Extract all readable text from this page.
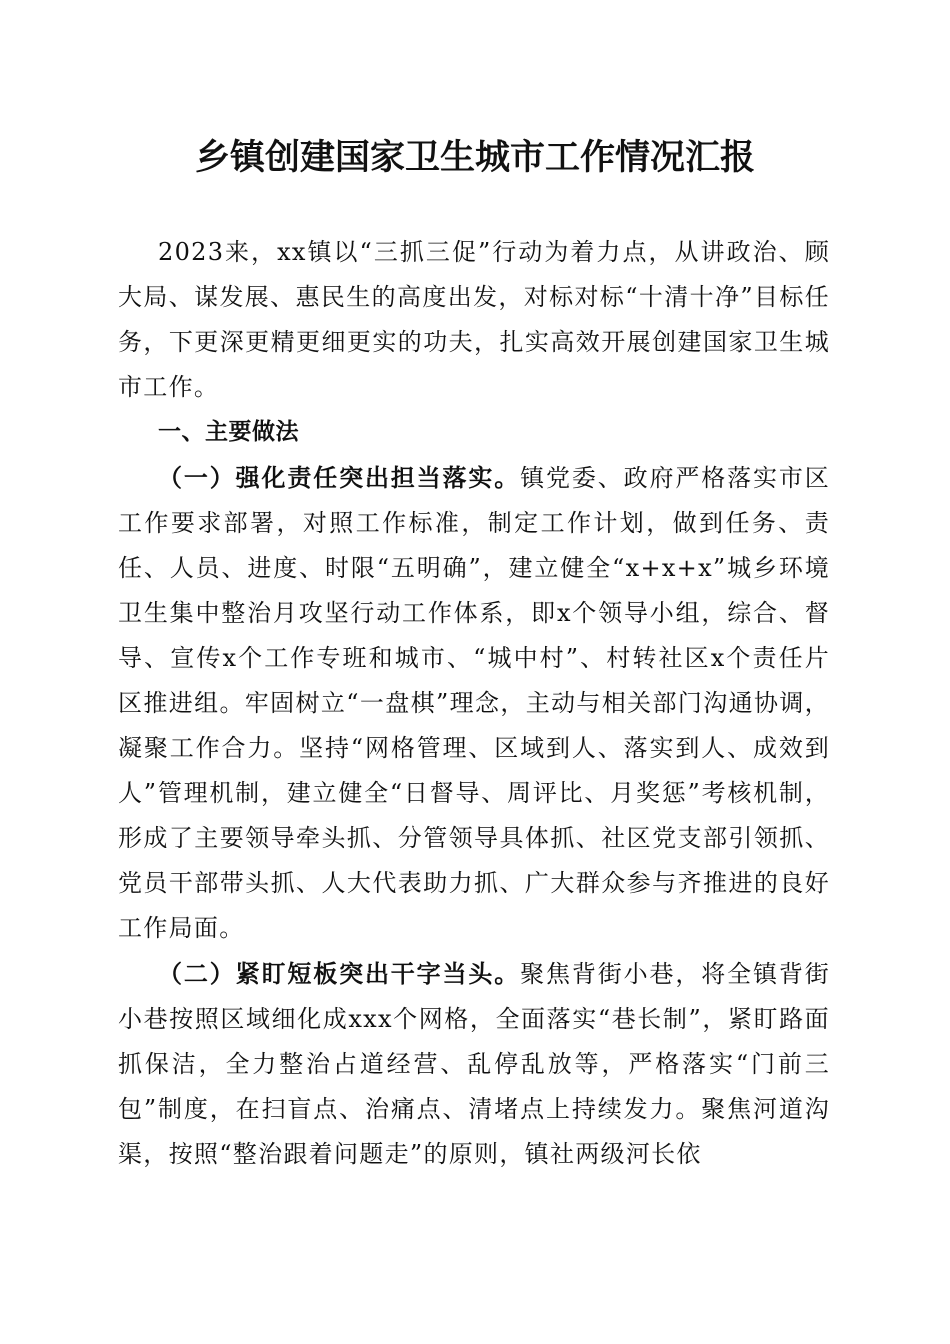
乡镇创建国家卫生城市工作情况汇报

2023来，xx镇以“三抓三促”行动为着力点，从讲政治、顾大局、谋发展、惠民生的高度出发，对标对标“十清十净”目标任务，下更深更精更细更实的功夫，扎实高效开展创建国家卫生城市工作。

一、主要做法

（一）强化责任突出担当落实。镇党委、政府严格落实市区工作要求部署，对照工作标准，制定工作计划，做到任务、责任、人员、进度、时限“五明确”，建立健全“x+x+x”城乡环境卫生集中整治月攻坚行动工作体系，即x个领导小组，综合、督导、宣传x个工作专班和城市、“城中村”、村转社区x个责任片区推进组。牢固树立“一盘棋”理念，主动与相关部门沟通协调，凝聚工作合力。坚持“网格管理、区域到人、落实到人、成效到人”管理机制，建立健全“日督导、周评比、月奖惩”考核机制，形成了主要领导牵头抓、分管领导具体抓、社区党支部引领抓、党员干部带头抓、人大代表助力抓、广大群众参与齐推进的良好工作局面。

（二）紧盯短板突出干字当头。聚焦背街小巷，将全镇背街小巷按照区域细化成xxx个网格，全面落实“巷长制”，紧盯路面抓保洁，全力整治占道经营、乱停乱放等，严格落实“门前三包”制度，在扫盲点、治痛点、清堵点上持续发力。聚焦河道沟渠，按照“整治跟着问题走”的原则，镇社两级河长依
